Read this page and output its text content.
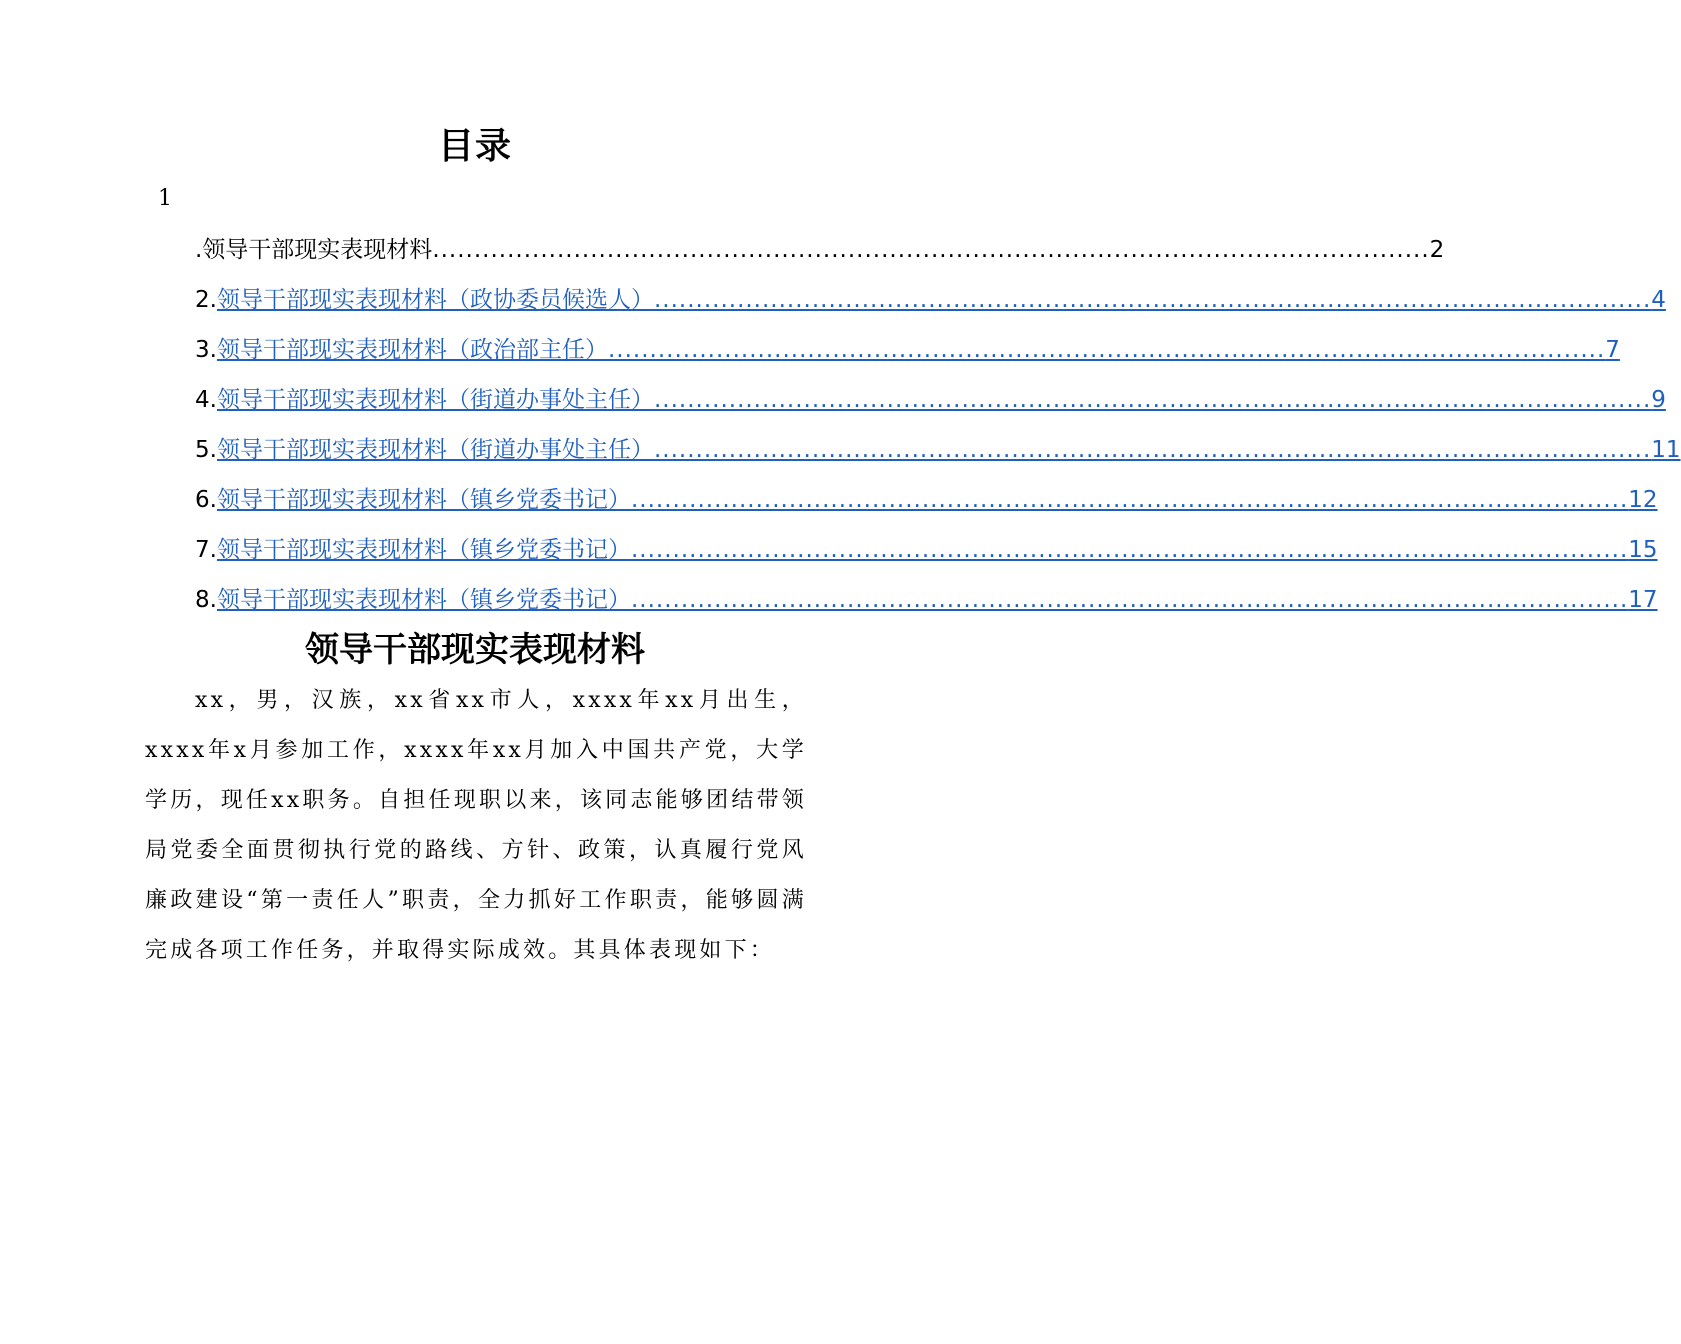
目录
1
.领导干部现实表现材料 ........................................................................................................................ 2
2. 领导干部现实表现材料（政协委员候选人） ........................................................................................................................ 4
3. 领导干部现实表现材料（政治部主任） ........................................................................................................................ 7
4. 领导干部现实表现材料（街道办事处主任） ........................................................................................................................ 9
5. 领导干部现实表现材料（街道办事处主任） ........................................................................................................................ 11
6. 领导干部现实表现材料（镇乡党委书记） ........................................................................................................................ 12
7. 领导干部现实表现材料（镇乡党委书记） ........................................................................................................................ 15
8. 领导干部现实表现材料（镇乡党委书记） ........................................................................................................................ 17
领导干部现实表现材料

xx，男，汉族，xx省xx市人，xxxx年xx月出生，xxxx年x月参加工作，xxxx年xx月加入中国共产党，大学学历，现任xx职务。自担任现职以来，该同志能够团结带领局党委全面贯彻执行党的路线、方针、政策，认真履行党风廉政建设“第一责任人”职责，全力抓好工作职责，能够圆满完成各项工作任务，并取得实际成效。其具体表现如下：
